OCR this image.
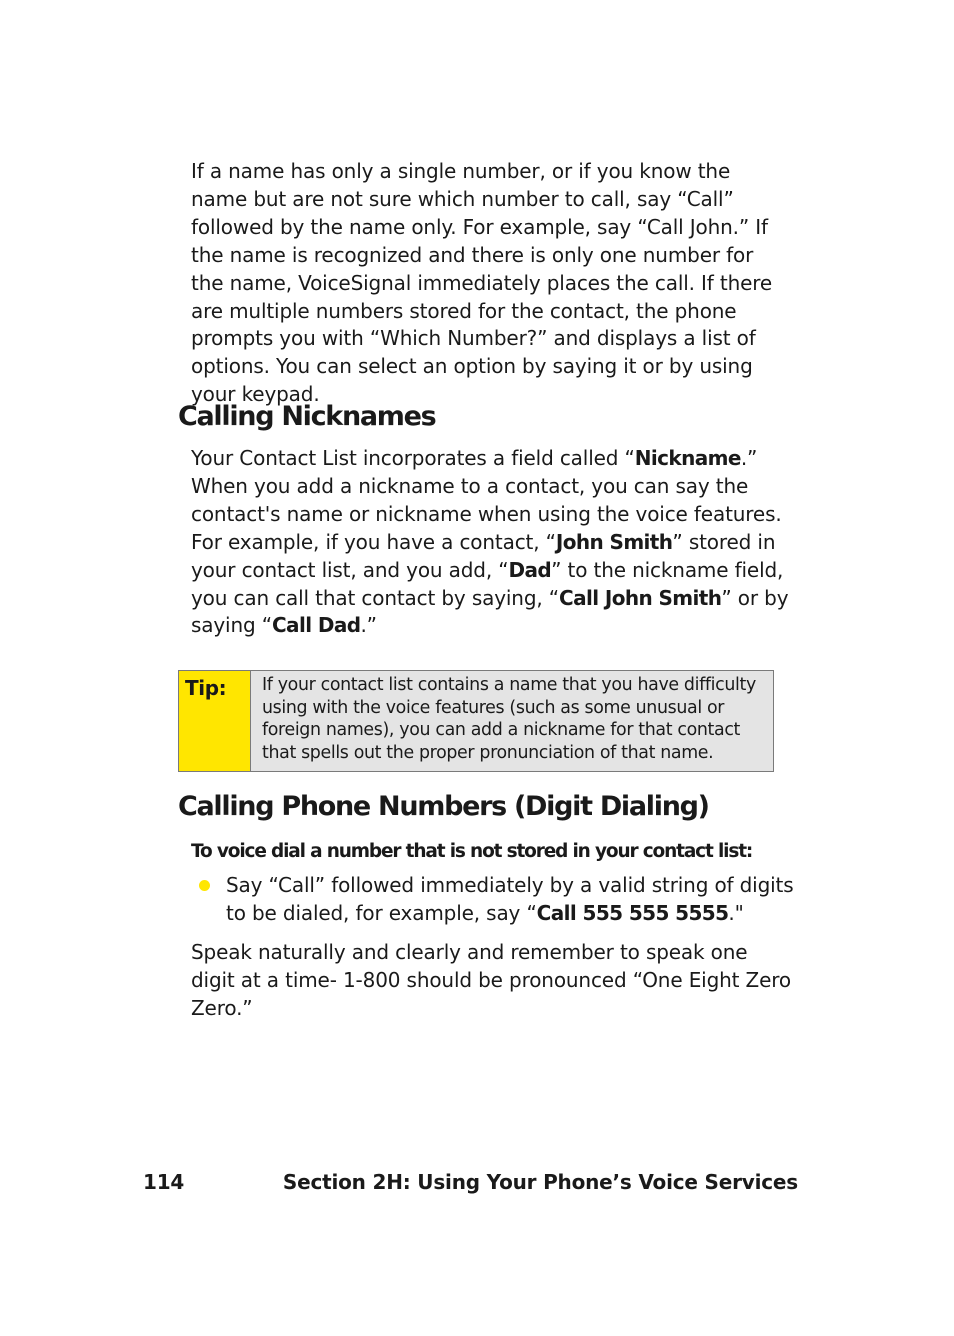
If a name has only a single number, or if you know the name but are not sure which number to call, say “Call” followed by the name only. For example, say “Call John.” If the name is recognized and there is only one number for the name, VoiceSignal immediately places the call. If there are multiple numbers stored for the contact, the phone prompts you with “Which Number?” and displays a list of options. You can select an option by saying it or by using your keypad.

Calling Nicknames

Your Contact List incorporates a field called “Nickname.” When you add a nickname to a contact, you can say the contact's name or nickname when using the voice features. For example, if you have a contact, “John Smith” stored in your contact list, and you add, “Dad” to the nickname field, you can call that contact by saying, “Call John Smith” or by saying “Call Dad.”

Tip:	If your contact list contains a name that you have difficulty using with the voice features (such as some unusual or foreign names), you can add a nickname for that contact that spells out the proper pronunciation of that name.
Calling Phone Numbers (Digit Dialing)
To voice dial a number that is not stored in your contact list:

Say “Call” followed immediately by a valid string of digits to be dialed, for example, say “Call 555 555 5555."

Speak naturally and clearly and remember to speak one digit at a time- 1-800 should be pronounced “One Eight Zero Zero.”

114	Section 2H: Using Your Phone’s Voice Services
